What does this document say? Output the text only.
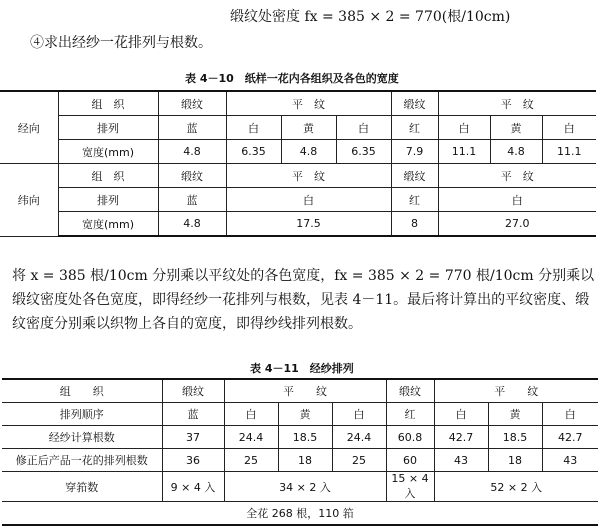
缎纹处密度 fx = 385 × 2 = 770(根/10cm)
④求出经纱一花排列与根数。
表 4－10　纸样一花内各组织及各色的宽度
经向	组　织	缎纹	平　纹			缎纹	平　纹		
	排列	蓝	白	黄	白	红	白	黄	白
	宽度(mm)	4.8	6.35	4.8	6.35	7.9	11.1	4.8	11.1
纬向	组　织	缎纹	平　纹			缎纹	平　纹		
	排列	蓝	白			红	白		
	宽度(mm)	4.8	17.5			8	27.0		

将 x = 385 根/10cm 分别乘以平纹处的各色宽度，fx = 385 × 2 = 770 根/10cm 分别乘以

缎纹密度处各色宽度，即得经纱一花排列与根数，见表 4－11。最后将计算出的平纹密度、缎

纹密度分别乘以织物上各自的宽度，即得纱线排列根数。

表 4－11　经纱排列
组　　织	缎纹	平　　纹			缎纹	平　　纹		
排列顺序	蓝	白	黄	白	红	白	黄	白
经纱计算根数	37	24.4	18.5	24.4	60.8	42.7	18.5	42.7
修正后产品一花的排列根数	36	25	18	25	60	43	18	43
穿筘数	9 × 4 入	34 × 2 入			15 × 4 入	52 × 2 入		
全花 268 根，110 筘								
